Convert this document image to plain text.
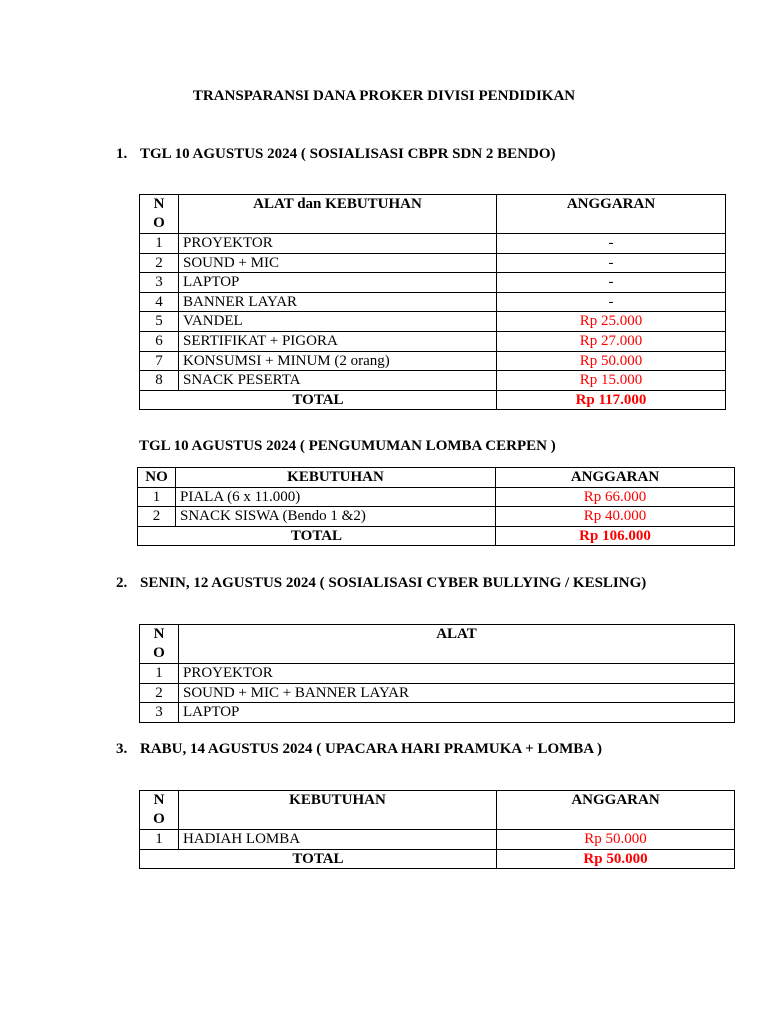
TRANSPARANSI DANA PROKER DIVISI PENDIDIKAN
1. TGL 10 AGUSTUS 2024 ( SOSIALISASI CBPR SDN 2 BENDO)
N
O	ALAT dan KEBUTUHAN	ANGGARAN
1	PROYEKTOR	-
2	SOUND + MIC	-
3	LAPTOP	-
4	BANNER LAYAR	-
5	VANDEL	Rp 25.000
6	SERTIFIKAT + PIGORA	Rp 27.000
7	KONSUMSI + MINUM (2 orang)	Rp 50.000
8	SNACK PESERTA	Rp 15.000
TOTAL		Rp 117.000
TGL 10 AGUSTUS 2024 ( PENGUMUMAN LOMBA CERPEN )
NO	KEBUTUHAN	ANGGARAN
1	PIALA (6 x 11.000)	Rp 66.000
2	SNACK SISWA (Bendo 1 &2)	Rp 40.000
TOTAL		Rp 106.000
2. SENIN, 12 AGUSTUS 2024 ( SOSIALISASI CYBER BULLYING / KESLING)
N
O	ALAT
1	PROYEKTOR
2	SOUND + MIC + BANNER LAYAR
3	LAPTOP
3. RABU, 14 AGUSTUS 2024 ( UPACARA HARI PRAMUKA + LOMBA )
N
O	KEBUTUHAN	ANGGARAN
1	HADIAH LOMBA	Rp 50.000
TOTAL		Rp 50.000
